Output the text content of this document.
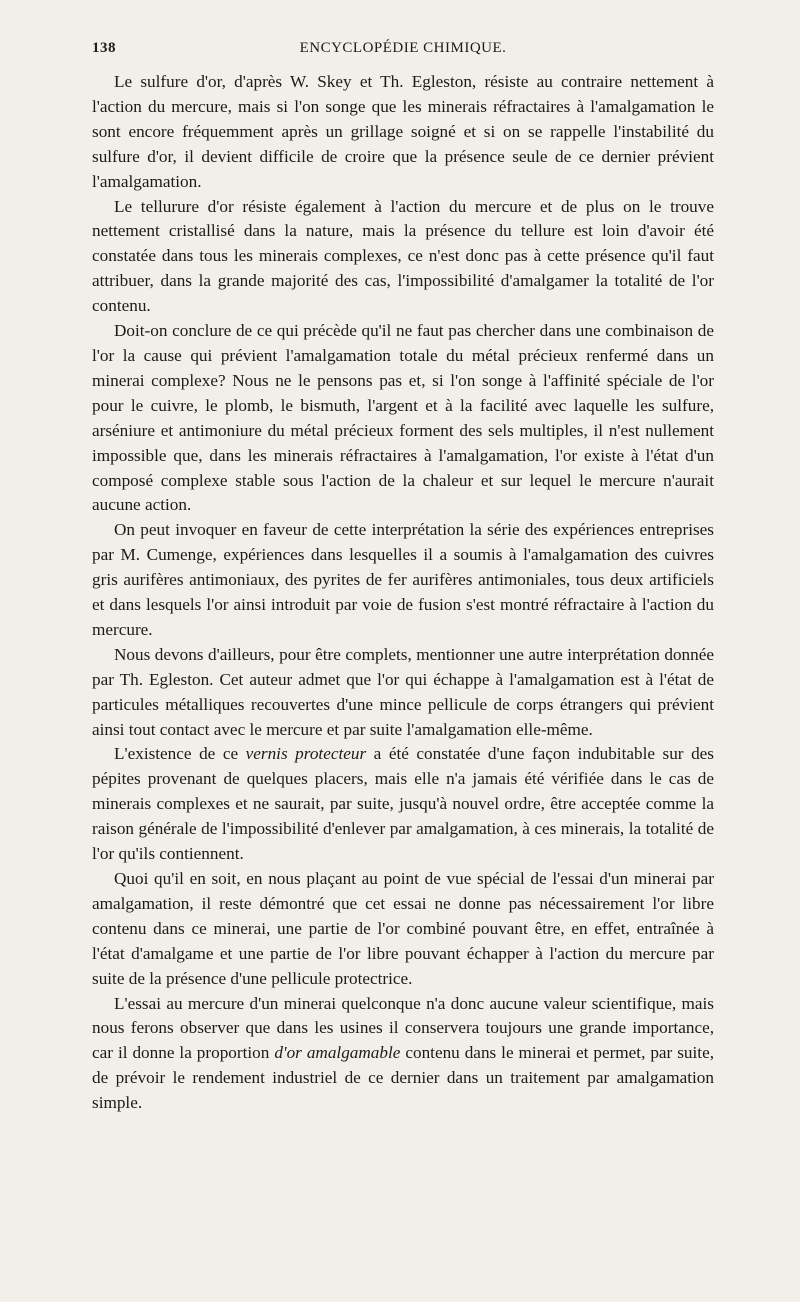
138	ENCYCLOPÉDIE CHIMIQUE.

Le sulfure d'or, d'après W. Skey et Th. Egleston, résiste au contraire nettement à l'action du mercure, mais si l'on songe que les minerais réfractaires à l'amalgamation le sont encore fréquemment après un grillage soigné et si on se rappelle l'instabilité du sulfure d'or, il devient difficile de croire que la présence seule de ce dernier prévient l'amalgamation.

Le tellurure d'or résiste également à l'action du mercure et de plus on le trouve nettement cristallisé dans la nature, mais la présence du tellure est loin d'avoir été constatée dans tous les minerais complexes, ce n'est donc pas à cette présence qu'il faut attribuer, dans la grande majorité des cas, l'impossibilité d'amalgamer la totalité de l'or contenu.

Doit-on conclure de ce qui précède qu'il ne faut pas chercher dans une combinaison de l'or la cause qui prévient l'amalgamation totale du métal précieux renfermé dans un minerai complexe? Nous ne le pensons pas et, si l'on songe à l'affinité spéciale de l'or pour le cuivre, le plomb, le bismuth, l'argent et à la facilité avec laquelle les sulfure, arséniure et antimoniure du métal précieux forment des sels multiples, il n'est nullement impossible que, dans les minerais réfractaires à l'amalgamation, l'or existe à l'état d'un composé complexe stable sous l'action de la chaleur et sur lequel le mercure n'aurait aucune action.

On peut invoquer en faveur de cette interprétation la série des expériences entreprises par M. Cumenge, expériences dans lesquelles il a soumis à l'amalgamation des cuivres gris aurifères antimoniaux, des pyrites de fer aurifères antimoniales, tous deux artificiels et dans lesquels l'or ainsi introduit par voie de fusion s'est montré réfractaire à l'action du mercure.

Nous devons d'ailleurs, pour être complets, mentionner une autre interprétation donnée par Th. Egleston. Cet auteur admet que l'or qui échappe à l'amalgamation est à l'état de particules métalliques recouvertes d'une mince pellicule de corps étrangers qui prévient ainsi tout contact avec le mercure et par suite l'amalgamation elle-même.

L'existence de ce vernis protecteur a été constatée d'une façon indubitable sur des pépites provenant de quelques placers, mais elle n'a jamais été vérifiée dans le cas de minerais complexes et ne saurait, par suite, jusqu'à nouvel ordre, être acceptée comme la raison générale de l'impossibilité d'enlever par amalgamation, à ces minerais, la totalité de l'or qu'ils contiennent.

Quoi qu'il en soit, en nous plaçant au point de vue spécial de l'essai d'un minerai par amalgamation, il reste démontré que cet essai ne donne pas nécessairement l'or libre contenu dans ce minerai, une partie de l'or combiné pouvant être, en effet, entraînée à l'état d'amalgame et une partie de l'or libre pouvant échapper à l'action du mercure par suite de la présence d'une pellicule protectrice.

L'essai au mercure d'un minerai quelconque n'a donc aucune valeur scientifique, mais nous ferons observer que dans les usines il conservera toujours une grande importance, car il donne la proportion d'or amalgamable contenu dans le minerai et permet, par suite, de prévoir le rendement industriel de ce dernier dans un traitement par amalgamation simple.
